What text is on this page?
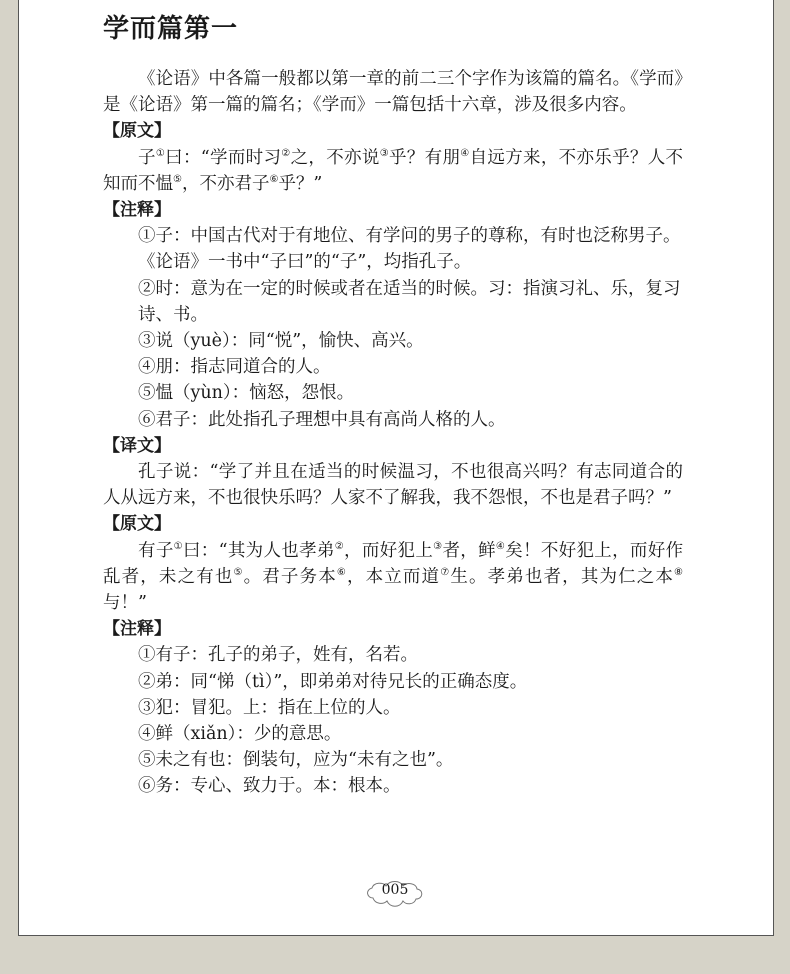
学而篇第一

《论语》中各篇一般都以第一章的前二三个字作为该篇的篇名。《学而》是《论语》第一篇的篇名；《学而》一篇包括十六章，涉及很多内容。

【原文】

子①曰：“学而时习②之，不亦说③乎？有朋④自远方来，不亦乐乎？人不知而不愠⑤，不亦君子⑥乎？”

【注释】

①子：中国古代对于有地位、有学问的男子的尊称，有时也泛称男子。《论语》一书中“子曰”的“子”，均指孔子。

②时：意为在一定的时候或者在适当的时候。习：指演习礼、乐，复习诗、书。

③说（yuè）：同“悦”，愉快、高兴。

④朋：指志同道合的人。

⑤愠（yùn）：恼怒，怨恨。

⑥君子：此处指孔子理想中具有高尚人格的人。

【译文】

孔子说：“学了并且在适当的时候温习，不也很高兴吗？有志同道合的人从远方来，不也很快乐吗？人家不了解我，我不怨恨，不也是君子吗？”

【原文】

有子①曰：“其为人也孝弟②，而好犯上③者，鲜④矣！不好犯上，而好作乱者，未之有也⑤。君子务本⑥，本立而道⑦生。孝弟也者，其为仁之本⑧与！”

【注释】

①有子：孔子的弟子，姓有，名若。

②弟：同“悌（tì）”，即弟弟对待兄长的正确态度。

③犯：冒犯。上：指在上位的人。

④鲜（xiǎn）：少的意思。

⑤未之有也：倒装句，应为“未有之也”。

⑥务：专心、致力于。本：根本。

005
